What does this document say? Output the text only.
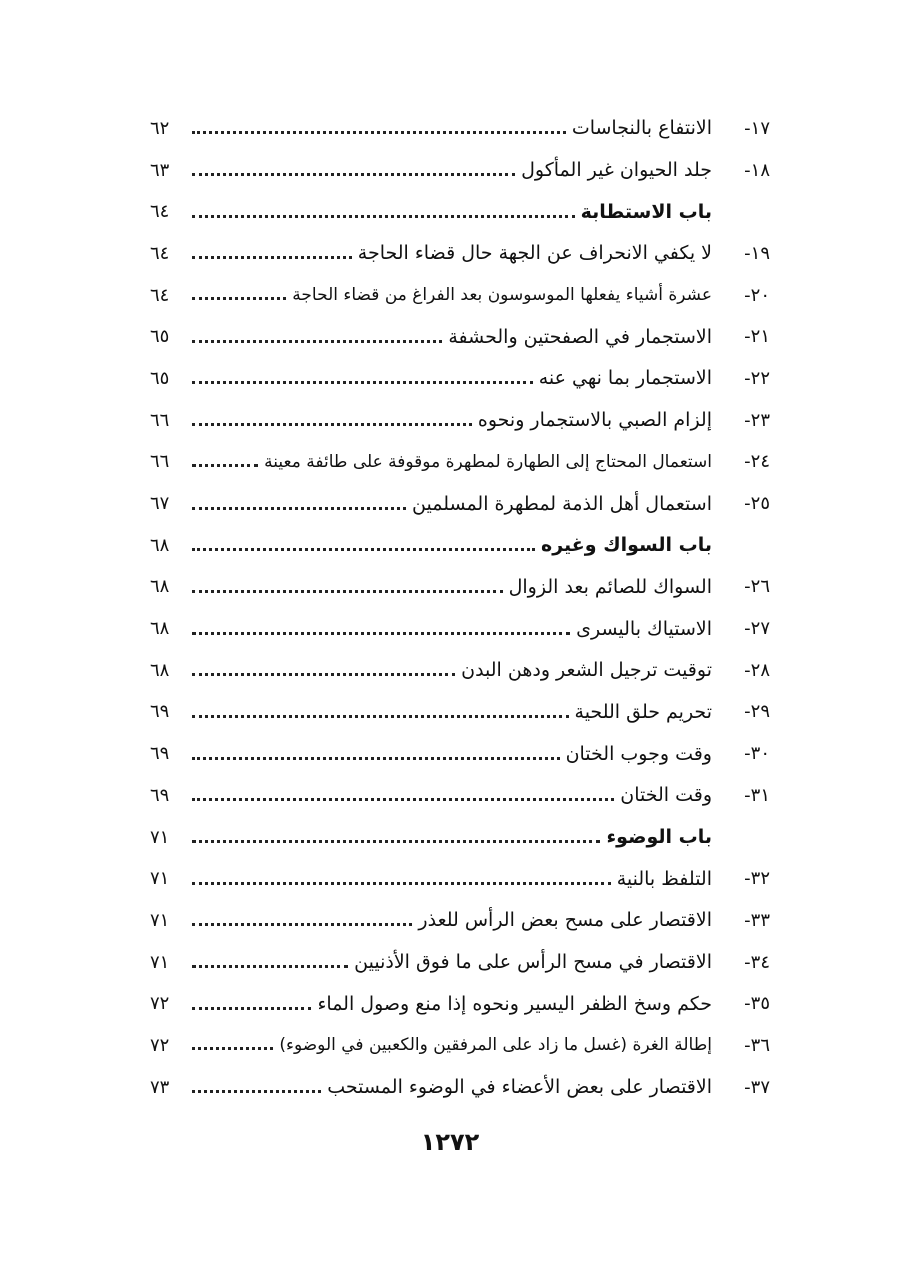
١٧-
الانتفاع بالنجاسات
٦٢
١٨-
جلد الحيوان غير المأكول
٦٣
باب الاستطابة
٦٤
١٩-
لا يكفي الانحراف عن الجهة حال قضاء الحاجة
٦٤
٢٠-
عشرة أشياء يفعلها الموسوسون بعد الفراغ من قضاء الحاجة
٦٤
٢١-
الاستجمار في الصفحتين والحشفة
٦٥
٢٢-
الاستجمار بما نهي عنه
٦٥
٢٣-
إلزام الصبي بالاستجمار ونحوه
٦٦
٢٤-
استعمال المحتاج إلى الطهارة لمطهرة موقوفة على طائفة معينة
٦٦
٢٥-
استعمال أهل الذمة لمطهرة المسلمين
٦٧
باب السواك وغيره
٦٨
٢٦-
السواك للصائم بعد الزوال
٦٨
٢٧-
الاستياك باليسرى
٦٨
٢٨-
توقيت ترجيل الشعر ودهن البدن
٦٨
٢٩-
تحريم حلق اللحية
٦٩
٣٠-
وقت وجوب الختان
٦٩
٣١-
وقت الختان
٦٩
باب الوضوء
٧١
٣٢-
التلفظ بالنية
٧١
٣٣-
الاقتصار على مسح بعض الرأس للعذر
٧١
٣٤-
الاقتصار في مسح الرأس على ما فوق الأذنيين
٧١
٣٥-
حكم وسخ الظفر اليسير ونحوه إذا منع وصول الماء
٧٢
٣٦-
إطالة الغرة (غسل ما زاد على المرفقين والكعبين في الوضوء)
٧٢
٣٧-
الاقتصار على بعض الأعضاء في الوضوء المستحب
٧٣
١٢٧٢
